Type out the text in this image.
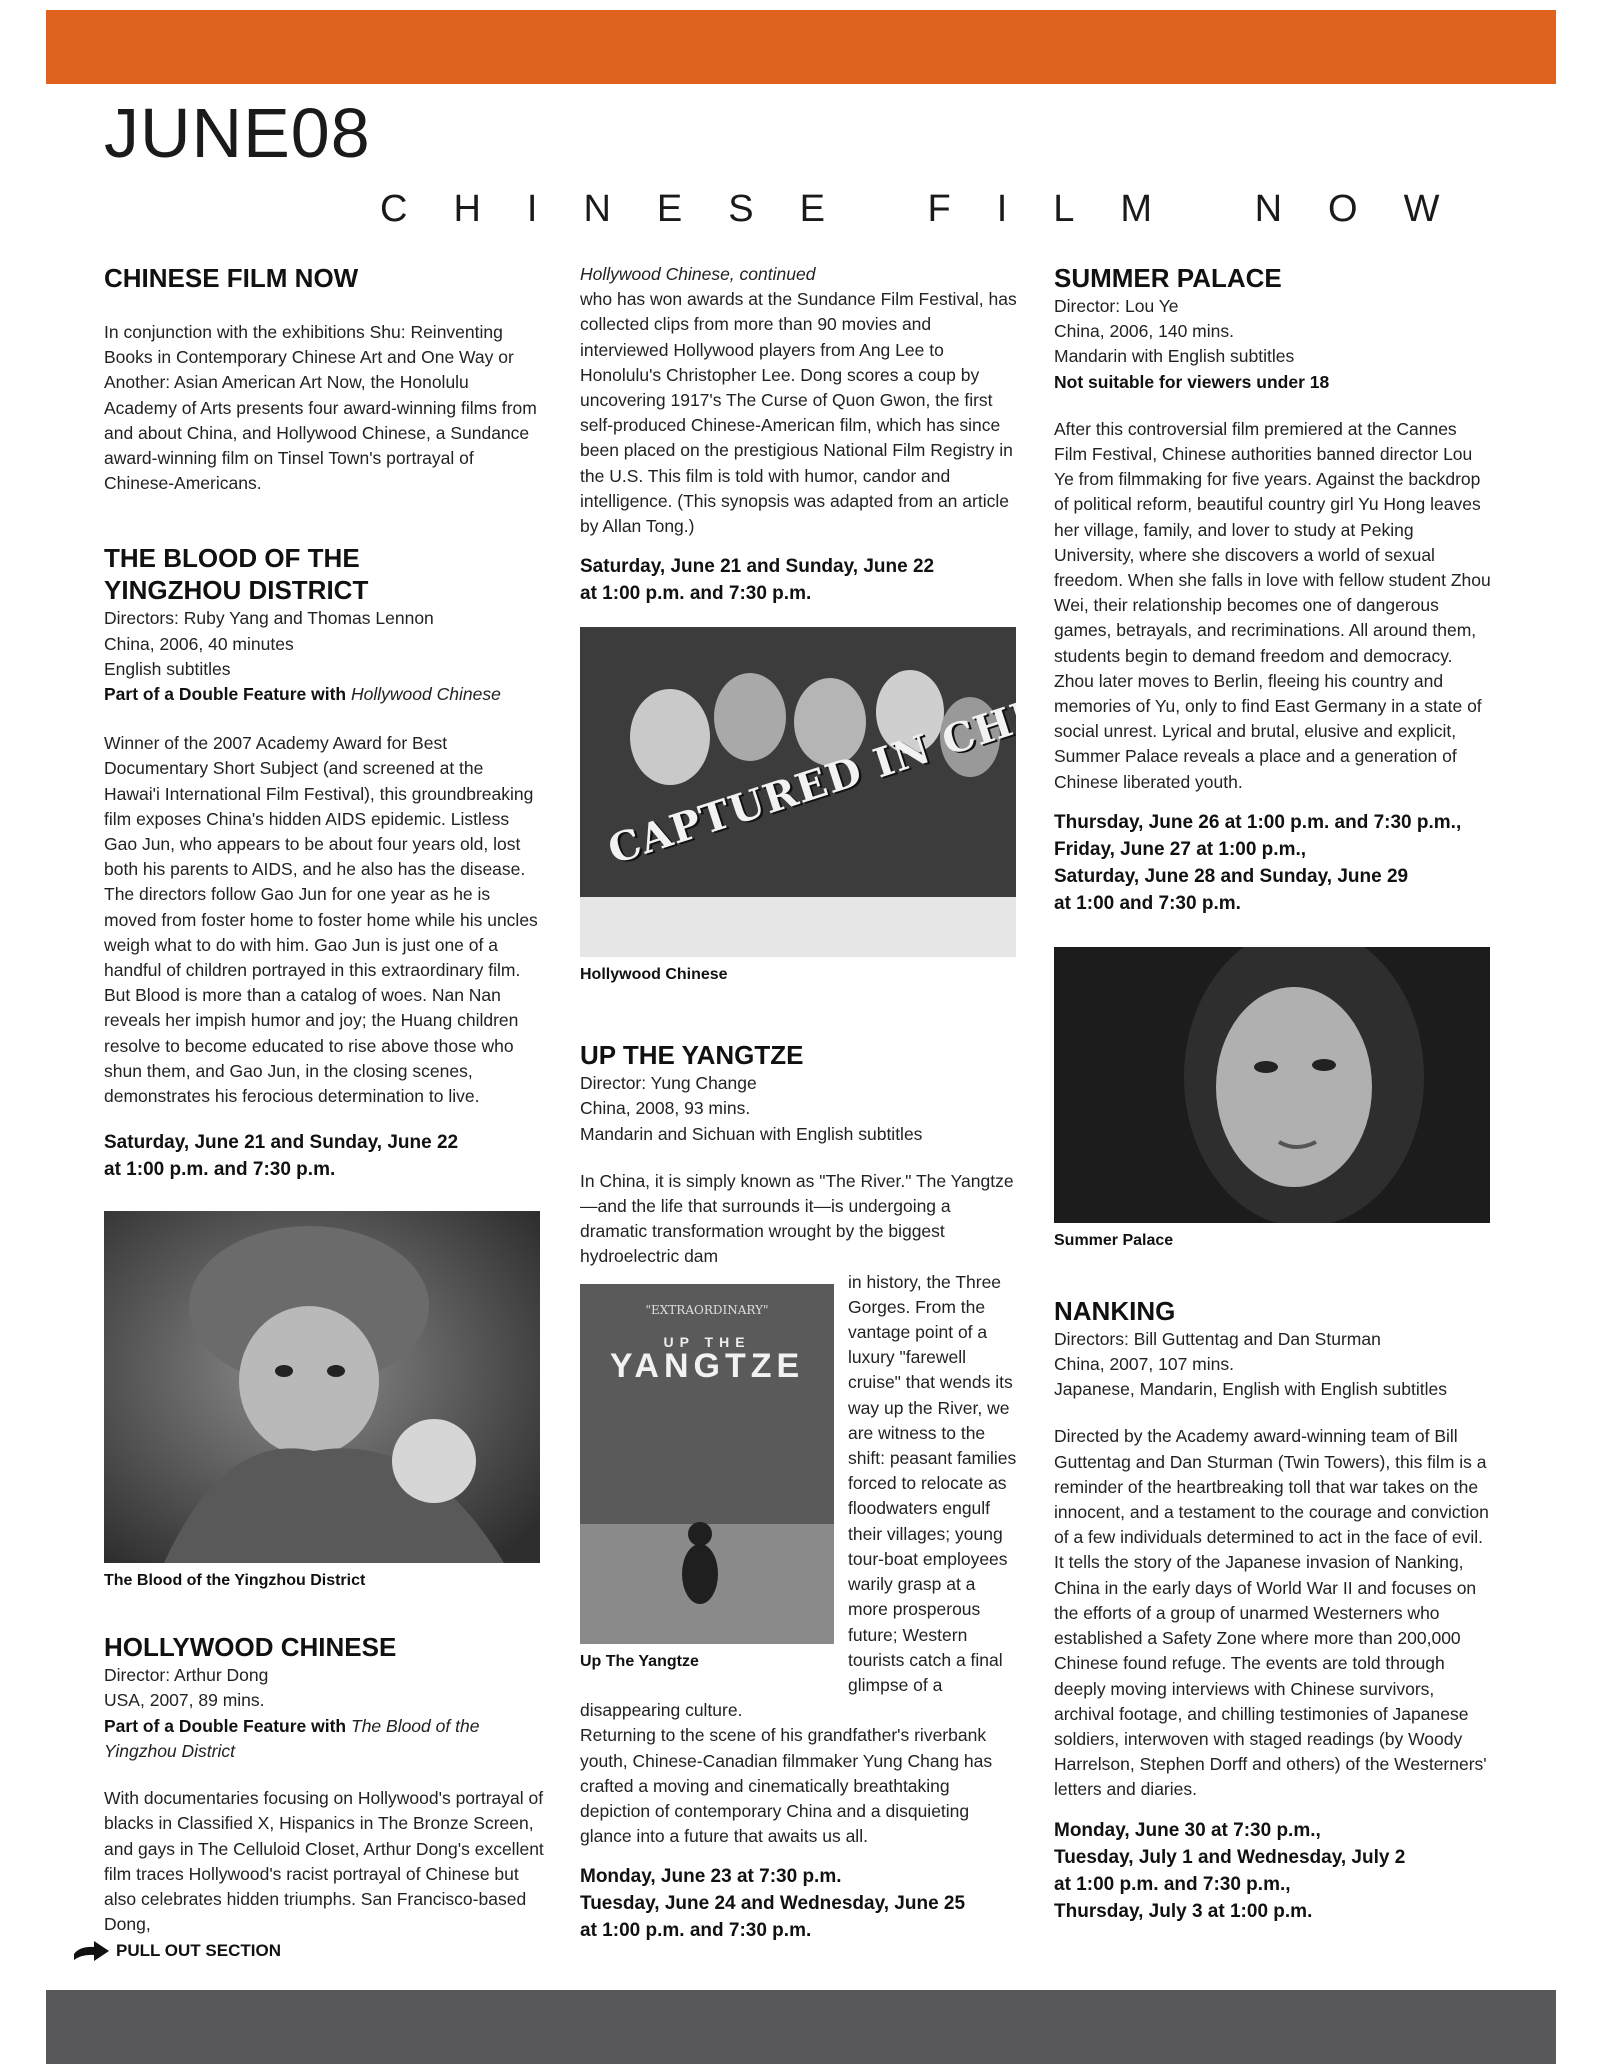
JUNE08
CHINESE FILM NOW
CHINESE FILM NOW

In conjunction with the exhibitions Shu: Reinventing Books in Contemporary Chinese Art and One Way or Another: Asian American Art Now, the Honolulu Academy of Arts presents four award-winning films from and about China, and Hollywood Chinese, a Sundance award-winning film on Tinsel Town's portrayal of Chinese-Americans.

THE BLOOD OF THE
YINGZHOU DISTRICT
Directors: Ruby Yang and Thomas Lennon
China, 2006, 40 minutes
English subtitles
Part of a Double Feature with Hollywood Chinese

Winner of the 2007 Academy Award for Best Documentary Short Subject (and screened at the Hawai'i International Film Festival), this groundbreaking film exposes China's hidden AIDS epidemic. Listless Gao Jun, who appears to be about four years old, lost both his parents to AIDS, and he also has the disease. The directors follow Gao Jun for one year as he is moved from foster home to foster home while his uncles weigh what to do with him. Gao Jun is just one of a handful of children portrayed in this extraordinary film. But Blood is more than a catalog of woes. Nan Nan reveals her impish humor and joy; the Huang children resolve to become educated to rise above those who shun them, and Gao Jun, in the closing scenes, demonstrates his ferocious determination to live.

Saturday, June 21 and Sunday, June 22
at 1:00 p.m. and 7:30 p.m.
The Blood of the Yingzhou District
HOLLYWOOD CHINESE
Director: Arthur Dong
USA, 2007, 89 mins.
Part of a Double Feature with The Blood of the Yingzhou District

With documentaries focusing on Hollywood's portrayal of blacks in Classified X, Hispanics in The Bronze Screen, and gays in The Celluloid Closet, Arthur Dong's excellent film traces Hollywood's racist portrayal of Chinese but also celebrates hidden triumphs. San Francisco-based Dong,

Hollywood Chinese, continued

who has won awards at the Sundance Film Festival, has collected clips from more than 90 movies and interviewed Hollywood players from Ang Lee to Honolulu's Christopher Lee. Dong scores a coup by uncovering 1917's The Curse of Quon Gwon, the first self-produced Chinese-American film, which has since been placed on the prestigious National Film Registry in the U.S. This film is told with humor, candor and intelligence. (This synopsis was adapted from an article by Allan Tong.)

Saturday, June 21 and Sunday, June 22
at 1:00 p.m. and 7:30 p.m.
CAPTURED IN
Hollywood Chinese
UP THE YANGTZE
Director: Yung Change
China, 2008, 93 mins.
Mandarin and Sichuan with English subtitles

In China, it is simply known as "The River." The Yangtze—and the life that surrounds it—is undergoing a dramatic transformation wrought by the biggest hydroelectric dam

"EXTRAORDINARY"
UP THE
YANGTZE
Up The Yangtze

in history, the Three Gorges. From the vantage point of a luxury "farewell cruise" that wends its way up the River, we are witness to the shift: peasant families forced to relocate as floodwaters engulf their villages; young tour-boat employees warily grasp at a more prosperous future; Western tourists catch a final glimpse of a disappearing culture.

Returning to the scene of his grandfather's riverbank youth, Chinese-Canadian filmmaker Yung Chang has crafted a moving and cinematically breathtaking depiction of contemporary China and a disquieting glance into a future that awaits us all.

Monday, June 23 at 7:30 p.m.
Tuesday, June 24 and Wednesday, June 25
at 1:00 p.m. and 7:30 p.m.
SUMMER PALACE
Director: Lou Ye
China, 2006, 140 mins.
Mandarin with English subtitles
Not suitable for viewers under 18

After this controversial film premiered at the Cannes Film Festival, Chinese authorities banned director Lou Ye from filmmaking for five years. Against the backdrop of political reform, beautiful country girl Yu Hong leaves her village, family, and lover to study at Peking University, where she discovers a world of sexual freedom. When she falls in love with fellow student Zhou Wei, their relationship becomes one of dangerous games, betrayals, and recriminations. All around them, students begin to demand freedom and democracy. Zhou later moves to Berlin, fleeing his country and memories of Yu, only to find East Germany in a state of social unrest. Lyrical and brutal, elusive and explicit, Summer Palace reveals a place and a generation of Chinese liberated youth.

Thursday, June 26 at 1:00 p.m. and 7:30 p.m.,
Friday, June 27 at 1:00 p.m.,
Saturday, June 28 and Sunday, June 29
at 1:00 and 7:30 p.m.
Summer Palace
NANKING
Directors: Bill Guttentag and Dan Sturman
China, 2007, 107 mins.
Japanese, Mandarin, English with English subtitles

Directed by the Academy award-winning team of Bill Guttentag and Dan Sturman (Twin Towers), this film is a reminder of the heartbreaking toll that war takes on the innocent, and a testament to the courage and conviction of a few individuals determined to act in the face of evil. It tells the story of the Japanese invasion of Nanking, China in the early days of World War II and focuses on the efforts of a group of unarmed Westerners who established a Safety Zone where more than 200,000 Chinese found refuge. The events are told through deeply moving interviews with Chinese survivors, archival footage, and chilling testimonies of Japanese soldiers, interwoven with staged readings (by Woody Harrelson, Stephen Dorff and others) of the Westerners' letters and diaries.

Monday, June 30 at 7:30 p.m.,
Tuesday, July 1 and Wednesday, July 2
at 1:00 p.m. and 7:30 p.m.,
Thursday, July 3 at 1:00 p.m.
PULL OUT SECTION
